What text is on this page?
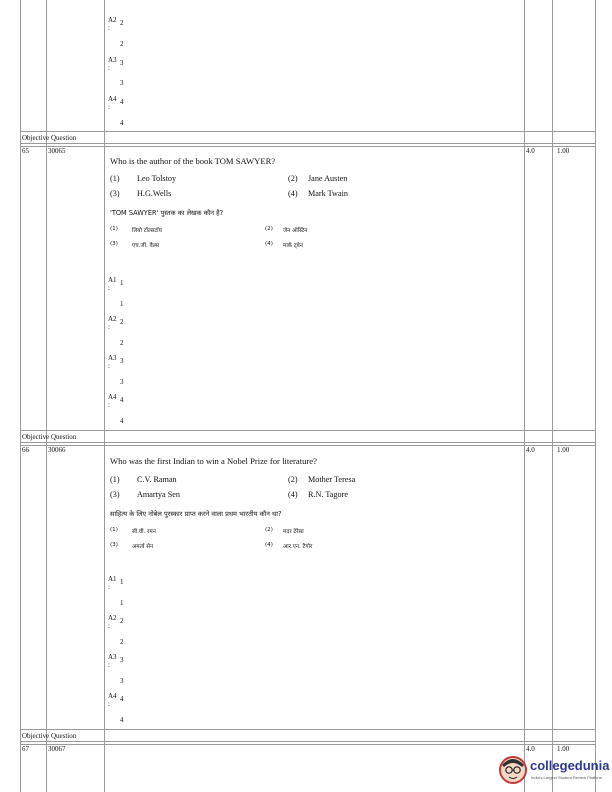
A2 2
:
2
A3 3
:
3
A4 4
:
4
Objective Question
65	30065	4.0	1.00
Who is the author of the book TOM SAWYER?
(1) Leo Tolstoy	(2) Jane Austen
(3) H.G.Wells	(4) Mark Twain
'TOM SAWYER' पुस्तक का लेखक कौन है?
(1)	लियो टॉल्सटॉय	(2) जेन ऑस्टिन
(3)	एच.जी. वैल्स	(4) मार्क ट्वेन
A1 1
:
1
A2 2
:
2
A3 3
:
3
A4 4
:
4
Objective Question
66	30066	4.0	1.00
Who was the first Indian to win a Nobel Prize for literature?
(1) C.V. Raman	(2) Mother Teresa
(3) Amartya Sen	(4) R.N. Tagore
साहित्य के लिए नोबेल पुरस्कार प्राप्त करने वाला प्रथम भारतीय कौन था?
(1)	सी.वी. रमन	(2) मदर टेरेसा
(3)	अमर्त्य सेन	(4) आर.एन. टैगोर
A1 1
:
1
A2 2
:
2
A3 3
:
3
A4 4
:
4
Objective Question
67	30067	4.0	1.00
collegedunia
India's Largest Student Review Platform
